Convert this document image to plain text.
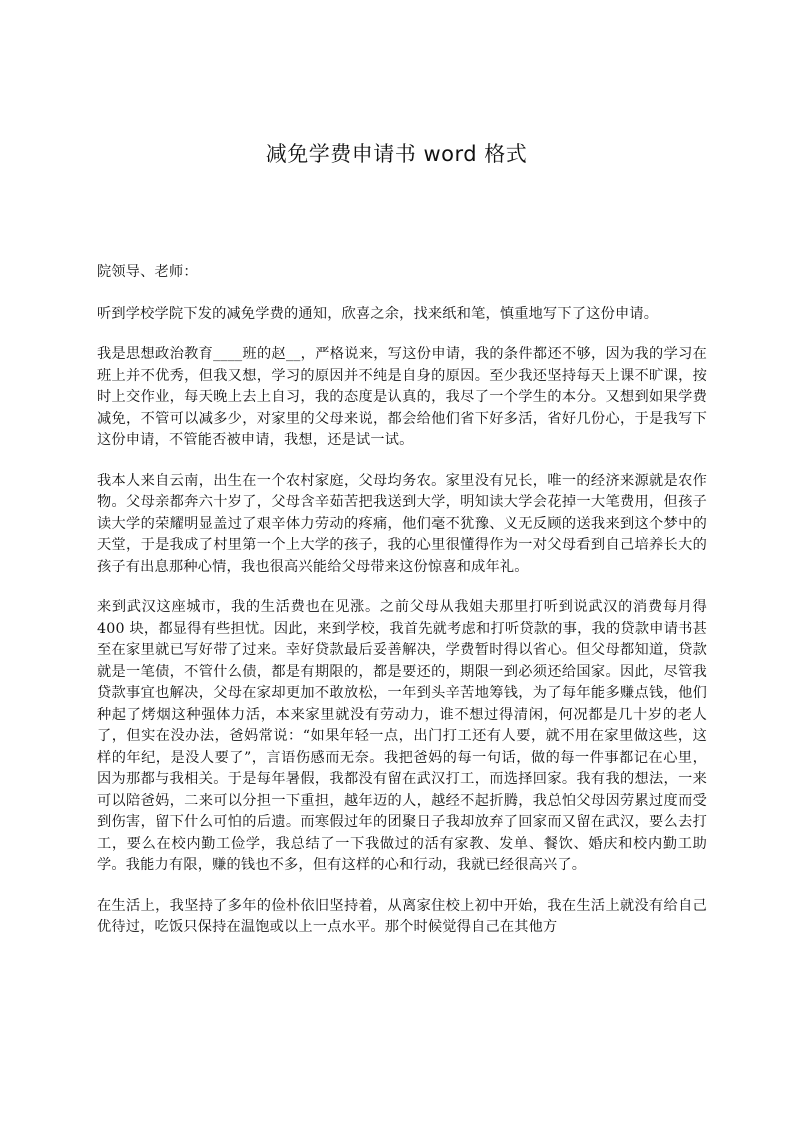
减免学费申请书 word 格式

院领导、老师：

听到学校学院下发的减免学费的通知，欣喜之余，找来纸和笔，慎重地写下了这份申请。

我是思想政治教育____班的赵__，严格说来，写这份申请，我的条件都还不够，因为我的学习在班上并不优秀，但我又想，学习的原因并不纯是自身的原因。至少我还坚持每天上课不旷课，按时上交作业，每天晚上去上自习，我的态度是认真的，我尽了一个学生的本分。又想到如果学费减免，不管可以减多少，对家里的父母来说，都会给他们省下好多活，省好几份心，于是我写下这份申请，不管能否被申请，我想，还是试一试。

我本人来自云南，出生在一个农村家庭，父母均务农。家里没有兄长，唯一的经济来源就是农作物。父母亲都奔六十岁了，父母含辛茹苦把我送到大学，明知读大学会花掉一大笔费用，但孩子读大学的荣耀明显盖过了艰辛体力劳动的疼痛，他们毫不犹豫、义无反顾的送我来到这个梦中的天堂，于是我成了村里第一个上大学的孩子，我的心里很懂得作为一对父母看到自己培养长大的孩子有出息那种心情，我也很高兴能给父母带来这份惊喜和成年礼。

来到武汉这座城市，我的生活费也在见涨。之前父母从我姐夫那里打听到说武汉的消费每月得 400 块，都显得有些担忧。因此，来到学校，我首先就考虑和打听贷款的事，我的贷款申请书甚至在家里就已写好带了过来。幸好贷款最后妥善解决，学费暂时得以省心。但父母都知道，贷款就是一笔债，不管什么债，都是有期限的，都是要还的，期限一到必须还给国家。因此，尽管我贷款事宜也解决，父母在家却更加不敢放松，一年到头辛苦地筹钱，为了每年能多赚点钱，他们种起了烤烟这种强体力活，本来家里就没有劳动力，谁不想过得清闲，何况都是几十岁的老人了，但实在没办法，爸妈常说：“如果年轻一点，出门打工还有人要，就不用在家里做这些，这样的年纪，是没人要了”，言语伤感而无奈。我把爸妈的每一句话，做的每一件事都记在心里，因为那都与我相关。于是每年暑假，我都没有留在武汉打工，而选择回家。我有我的想法，一来可以陪爸妈，二来可以分担一下重担，越年迈的人，越经不起折腾，我总怕父母因劳累过度而受到伤害，留下什么可怕的后遗。而寒假过年的团聚日子我却放弃了回家而又留在武汉，要么去打工，要么在校内勤工俭学，我总结了一下我做过的活有家教、发单、餐饮、婚庆和校内勤工助学。我能力有限，赚的钱也不多，但有这样的心和行动，我就已经很高兴了。

在生活上，我坚持了多年的俭朴依旧坚持着，从离家住校上初中开始，我在生活上就没有给自己优待过，吃饭只保持在温饱或以上一点水平。那个时候觉得自己在其他方
